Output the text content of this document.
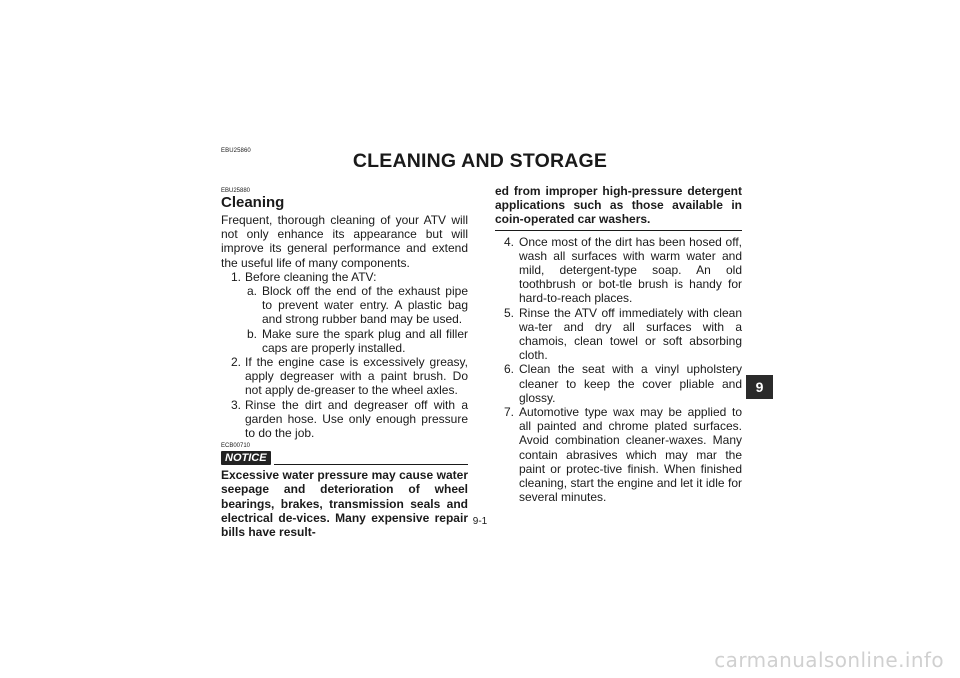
EBU25860	CLEANING AND STORAGE
EBU25880
Cleaning

Frequent, thorough cleaning of your ATV will not only enhance its appearance but will improve its general performance and extend the useful life of many components.

1. Before cleaning the ATV:
a. Block off the end of the exhaust pipe to prevent water entry. A plastic bag and strong rubber band may be used.
b. Make sure the spark plug and all filler caps are properly installed.
2. If the engine case is excessively greasy, apply degreaser with a paint brush. Do not apply de-greaser to the wheel axles.
3. Rinse the dirt and degreaser off with a garden hose. Use only enough pressure to do the job.
ECB00710
NOTICE
Excessive water pressure may cause water seepage and deterioration of wheel bearings, brakes, transmission seals and electrical de-vices. Many expensive repair bills have result-
ed from improper high-pressure detergent applications such as those available in coin-operated car washers.
4. Once most of the dirt has been hosed off, wash all surfaces with warm water and mild, detergent-type soap. An old toothbrush or bot-tle brush is handy for hard-to-reach places.
5. Rinse the ATV off immediately with clean wa-ter and dry all surfaces with a chamois, clean towel or soft absorbing cloth.
6. Clean the seat with a vinyl upholstery cleaner to keep the cover pliable and glossy.
7. Automotive type wax may be applied to all painted and chrome plated surfaces. Avoid combination cleaner-waxes. Many contain abrasives which may mar the paint or protec-tive finish. When finished cleaning, start the engine and let it idle for several minutes.
9
9-1
carmanualsonline.info
